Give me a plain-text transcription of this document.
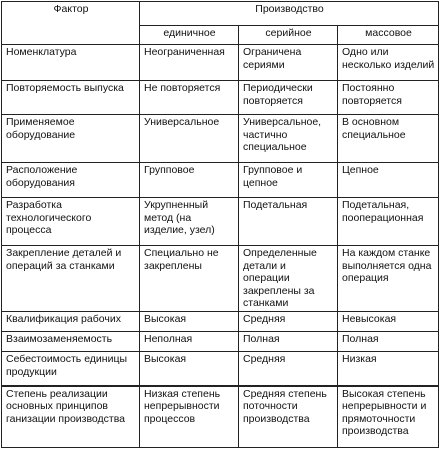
Фактор	Производство		
	единичное	серийное	массовое
Номенклатура	Неограниченная	Ограничена сериями	Одно или несколько изделий
Повторяемость выпуска	Не повторяется	Периодически повторяется	Постоянно повторяется
Применяемое оборудование	Универсальное	Универсальное, частично специальное	В основном специальное
Расположение оборудования	Групповое	Групповое и цепное	Цепное
Разработка технологического процесса	Укрупненный метод (на изделие, узел)	Подетальная	Подетальная, пооперационная
Закрепление деталей и операций за станками	Специально не закреплены	Определенные детали и операции закреплены за станками	На каждом станке выполняется одна операция
Квалификация рабочих	Высокая	Средняя	Невысокая
Взаимозаменяемость	Неполная	Полная	Полная
Себестоимость единицы продукции	Высокая	Средняя	Низкая
Степень реализации основных принципов ганизации производства	Низкая степень непрерывности процессов	Средняя степень поточности производства	Высокая степень непрерывности и прямоточности производства
